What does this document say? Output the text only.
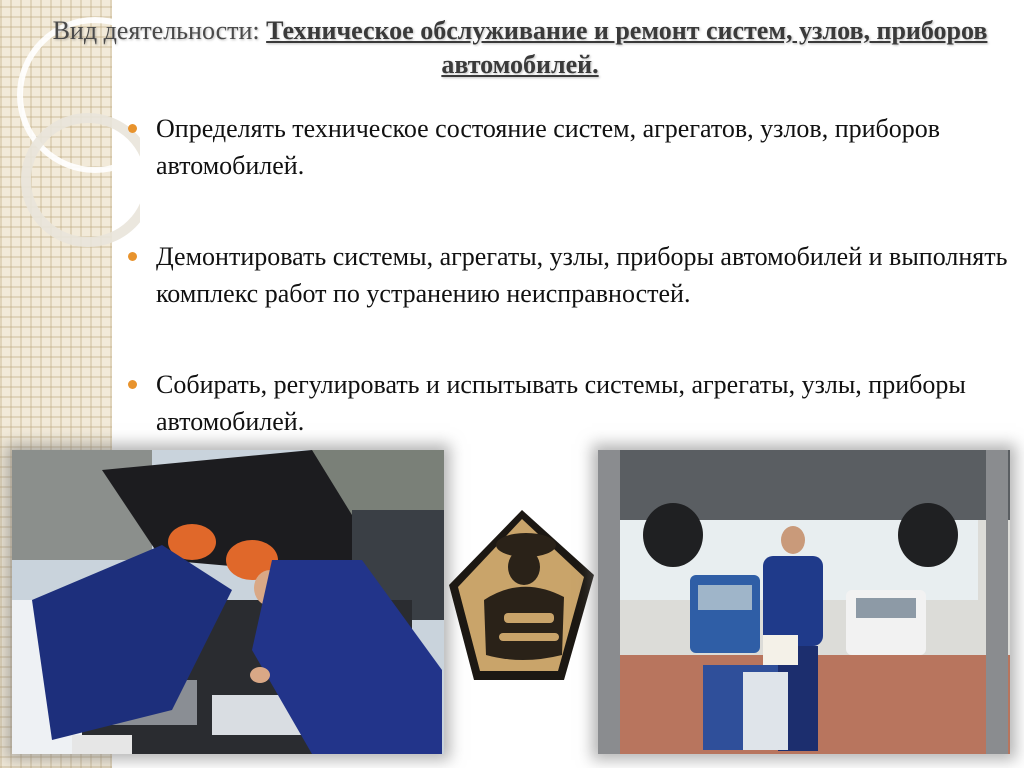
Вид деятельности: Техническое обслуживание и ремонт систем, узлов, приборов автомобилей.
Определять техническое состояние систем, агрегатов, узлов, приборов автомобилей.
Демонтировать системы, агрегаты, узлы, приборы автомобилей и выполнять комплекс работ по устранению неисправностей.
Собирать, регулировать и испытывать системы, агрегаты, узлы, приборы автомобилей.
